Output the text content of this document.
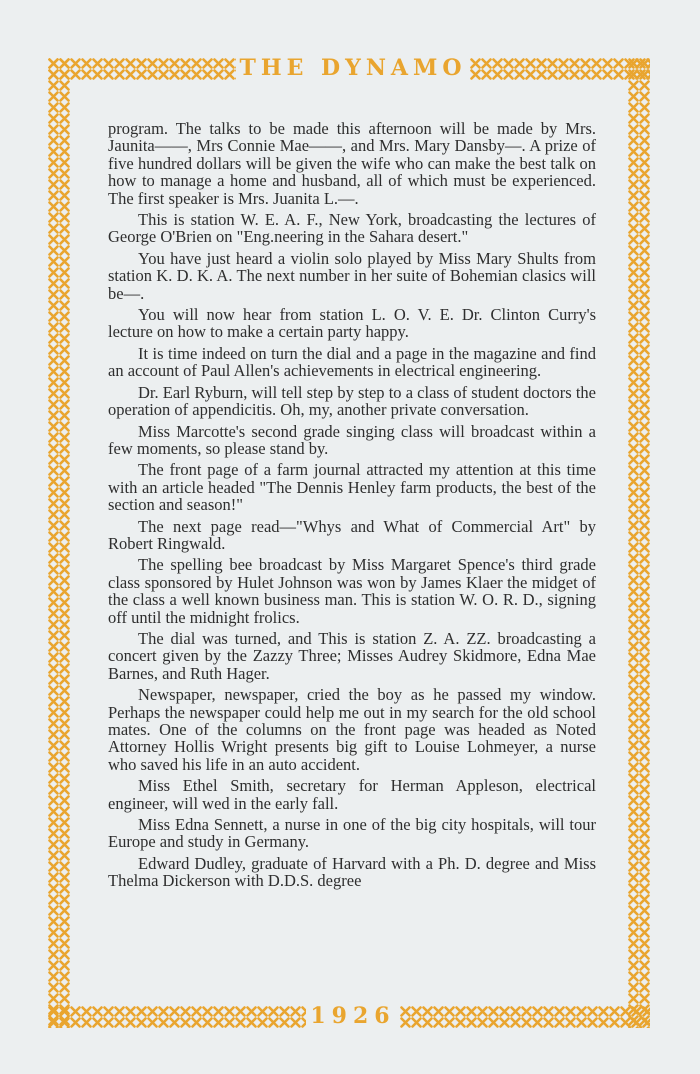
THE DYNAMO
1926

program. The talks to be made this afternoon will be made by Mrs. Jaunita——, Mrs Connie Mae——, and Mrs. Mary Dansby—. A prize of five hundred dollars will be given the wife who can make the best talk on how to manage a home and husband, all of which must be experienced. The first speaker is Mrs. Juanita L.—.

This is station W. E. A. F., New York, broadcasting the lectures of George O'Brien on "Eng.neering in the Sahara desert."

You have just heard a violin solo played by Miss Mary Shults from station K. D. K. A. The next number in her suite of Bohemian clasics will be—.

You will now hear from station L. O. V. E. Dr. Clinton Curry's lecture on how to make a certain party happy.

It is time indeed on turn the dial and a page in the magazine and find an account of Paul Allen's achievements in electrical engineering.

Dr. Earl Ryburn, will tell step by step to a class of student doctors the operation of appendicitis. Oh, my, another private conversation.

Miss Marcotte's second grade singing class will broadcast within a few moments, so please stand by.

The front page of a farm journal attracted my attention at this time with an article headed "The Dennis Henley farm products, the best of the section and season!"

The next page read—"Whys and What of Commercial Art" by Robert Ringwald.

The spelling bee broadcast by Miss Margaret Spence's third grade class sponsored by Hulet Johnson was won by James Klaer the midget of the class a well known business man. This is station W. O. R. D., signing off until the midnight frolics.

The dial was turned, and This is station Z. A. ZZ. broadcasting a concert given by the Zazzy Three; Misses Audrey Skidmore, Edna Mae Barnes, and Ruth Hager.

Newspaper, newspaper, cried the boy as he passed my window. Perhaps the newspaper could help me out in my search for the old school mates. One of the columns on the front page was headed as Noted Attorney Hollis Wright presents big gift to Louise Lohmeyer, a nurse who saved his life in an auto accident.

Miss Ethel Smith, secretary for Herman Appleson, electrical engineer, will wed in the early fall.

Miss Edna Sennett, a nurse in one of the big city hospitals, will tour Europe and study in Germany.

Edward Dudley, graduate of Harvard with a Ph. D. degree and Miss Thelma Dickerson with D.D.S. degree
